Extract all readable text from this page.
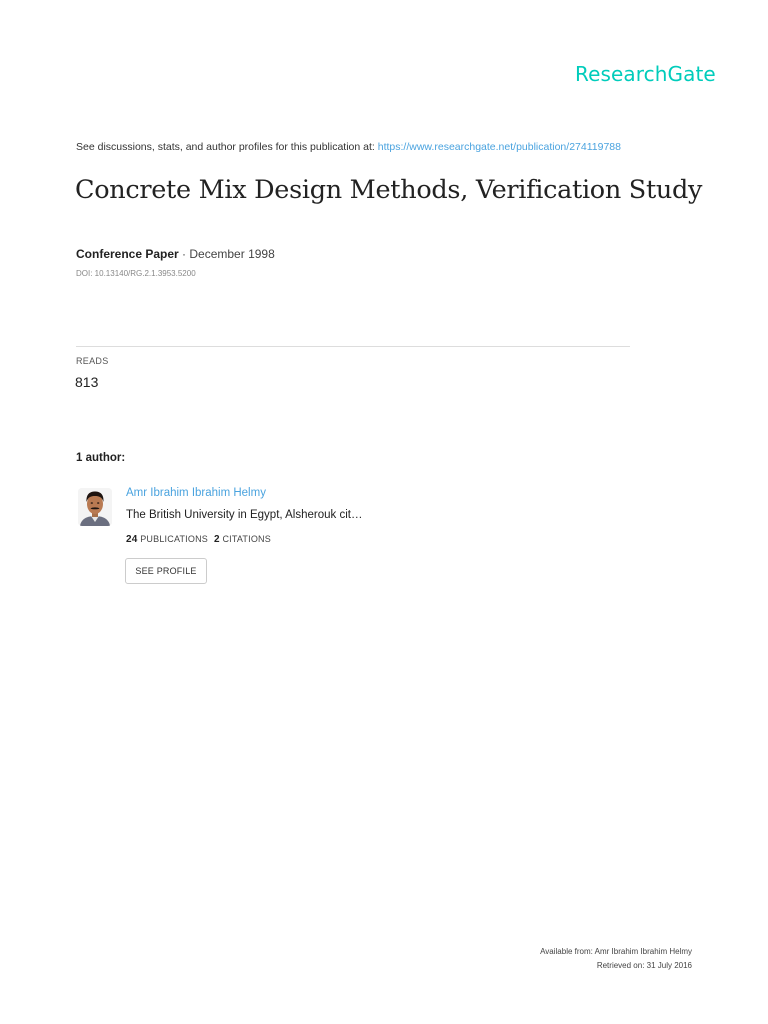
ResearchGate
See discussions, stats, and author profiles for this publication at: https://www.researchgate.net/publication/274119788
Concrete Mix Design Methods, Verification Study
Conference Paper · December 1998
DOI: 10.13140/RG.2.1.3953.5200
READS
813
1 author:
Amr Ibrahim Ibrahim Helmy
The British University in Egypt, Alsherouk cit…
24 PUBLICATIONS 2 CITATIONS
SEE PROFILE
Available from: Amr Ibrahim Ibrahim Helmy
Retrieved on: 31 July 2016
